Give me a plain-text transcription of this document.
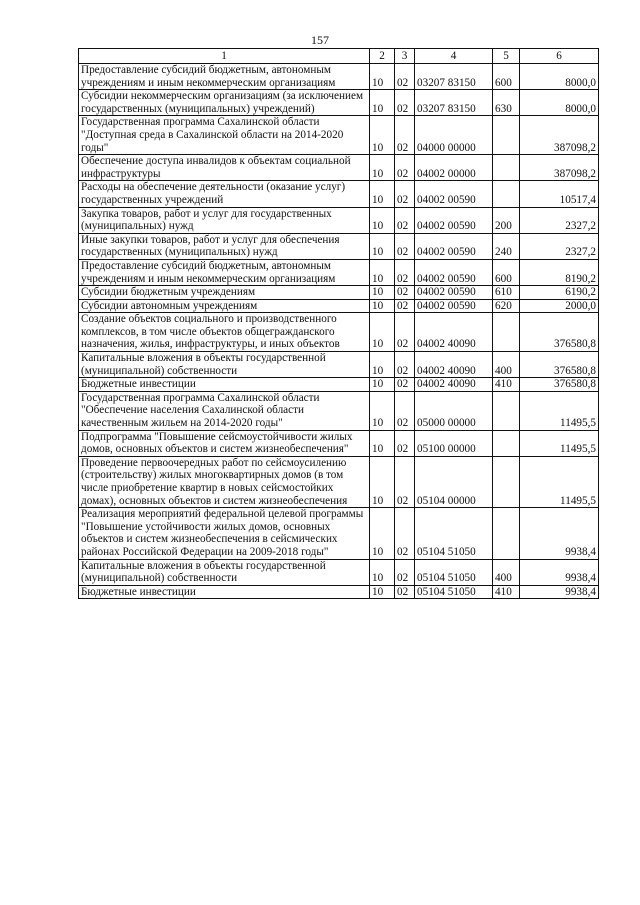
157
1	2	3	4	5	6
Предоставление субсидий бюджетным, автономным учреждениям и иным некоммерческим организациям	10	02	03207 83150	600	8000,0
Субсидии некоммерческим организациям (за исключением государственных (муниципальных) учреждений)	10	02	03207 83150	630	8000,0
Государственная программа Сахалинской области "Доступная среда в Сахалинской области на 2014-2020 годы"	10	02	04000 00000		387098,2
Обеспечение доступа инвалидов к объектам социальной инфраструктуры	10	02	04002 00000		387098,2
Расходы на обеспечение деятельности (оказание услуг) государственных учреждений	10	02	04002 00590		10517,4
Закупка товаров, работ и услуг для государственных (муниципальных) нужд	10	02	04002 00590	200	2327,2
Иные закупки товаров, работ и услуг для обеспечения государственных (муниципальных) нужд	10	02	04002 00590	240	2327,2
Предоставление субсидий бюджетным, автономным учреждениям и иным некоммерческим организациям	10	02	04002 00590	600	8190,2
Субсидии бюджетным учреждениям	10	02	04002 00590	610	6190,2
Субсидии автономным учреждениям	10	02	04002 00590	620	2000,0
Создание объектов социального и производственного комплексов, в том числе объектов общегражданского назначения, жилья, инфраструктуры, и иных объектов	10	02	04002 40090		376580,8
Капитальные вложения в объекты государственной (муниципальной) собственности	10	02	04002 40090	400	376580,8
Бюджетные инвестиции	10	02	04002 40090	410	376580,8
Государственная программа Сахалинской области "Обеспечение населения Сахалинской области качественным жильем на 2014-2020 годы"	10	02	05000 00000		11495,5
Подпрограмма "Повышение сейсмоустойчивости жилых домов, основных объектов и систем жизнеобеспечения"	10	02	05100 00000		11495,5
Проведение первоочередных работ по сейсмоусилению (строительству) жилых многоквартирных домов (в том числе приобретение квартир в новых сейсмостойких домах), основных объектов и систем жизнеобеспечения	10	02	05104 00000		11495,5
Реализация мероприятий федеральной целевой программы "Повышение устойчивости жилых домов, основных объектов и систем жизнеобеспечения в сейсмических районах Российской Федерации на 2009-2018 годы"	10	02	05104 51050		9938,4
Капитальные вложения в объекты государственной (муниципальной) собственности	10	02	05104 51050	400	9938,4
Бюджетные инвестиции	10	02	05104 51050	410	9938,4
